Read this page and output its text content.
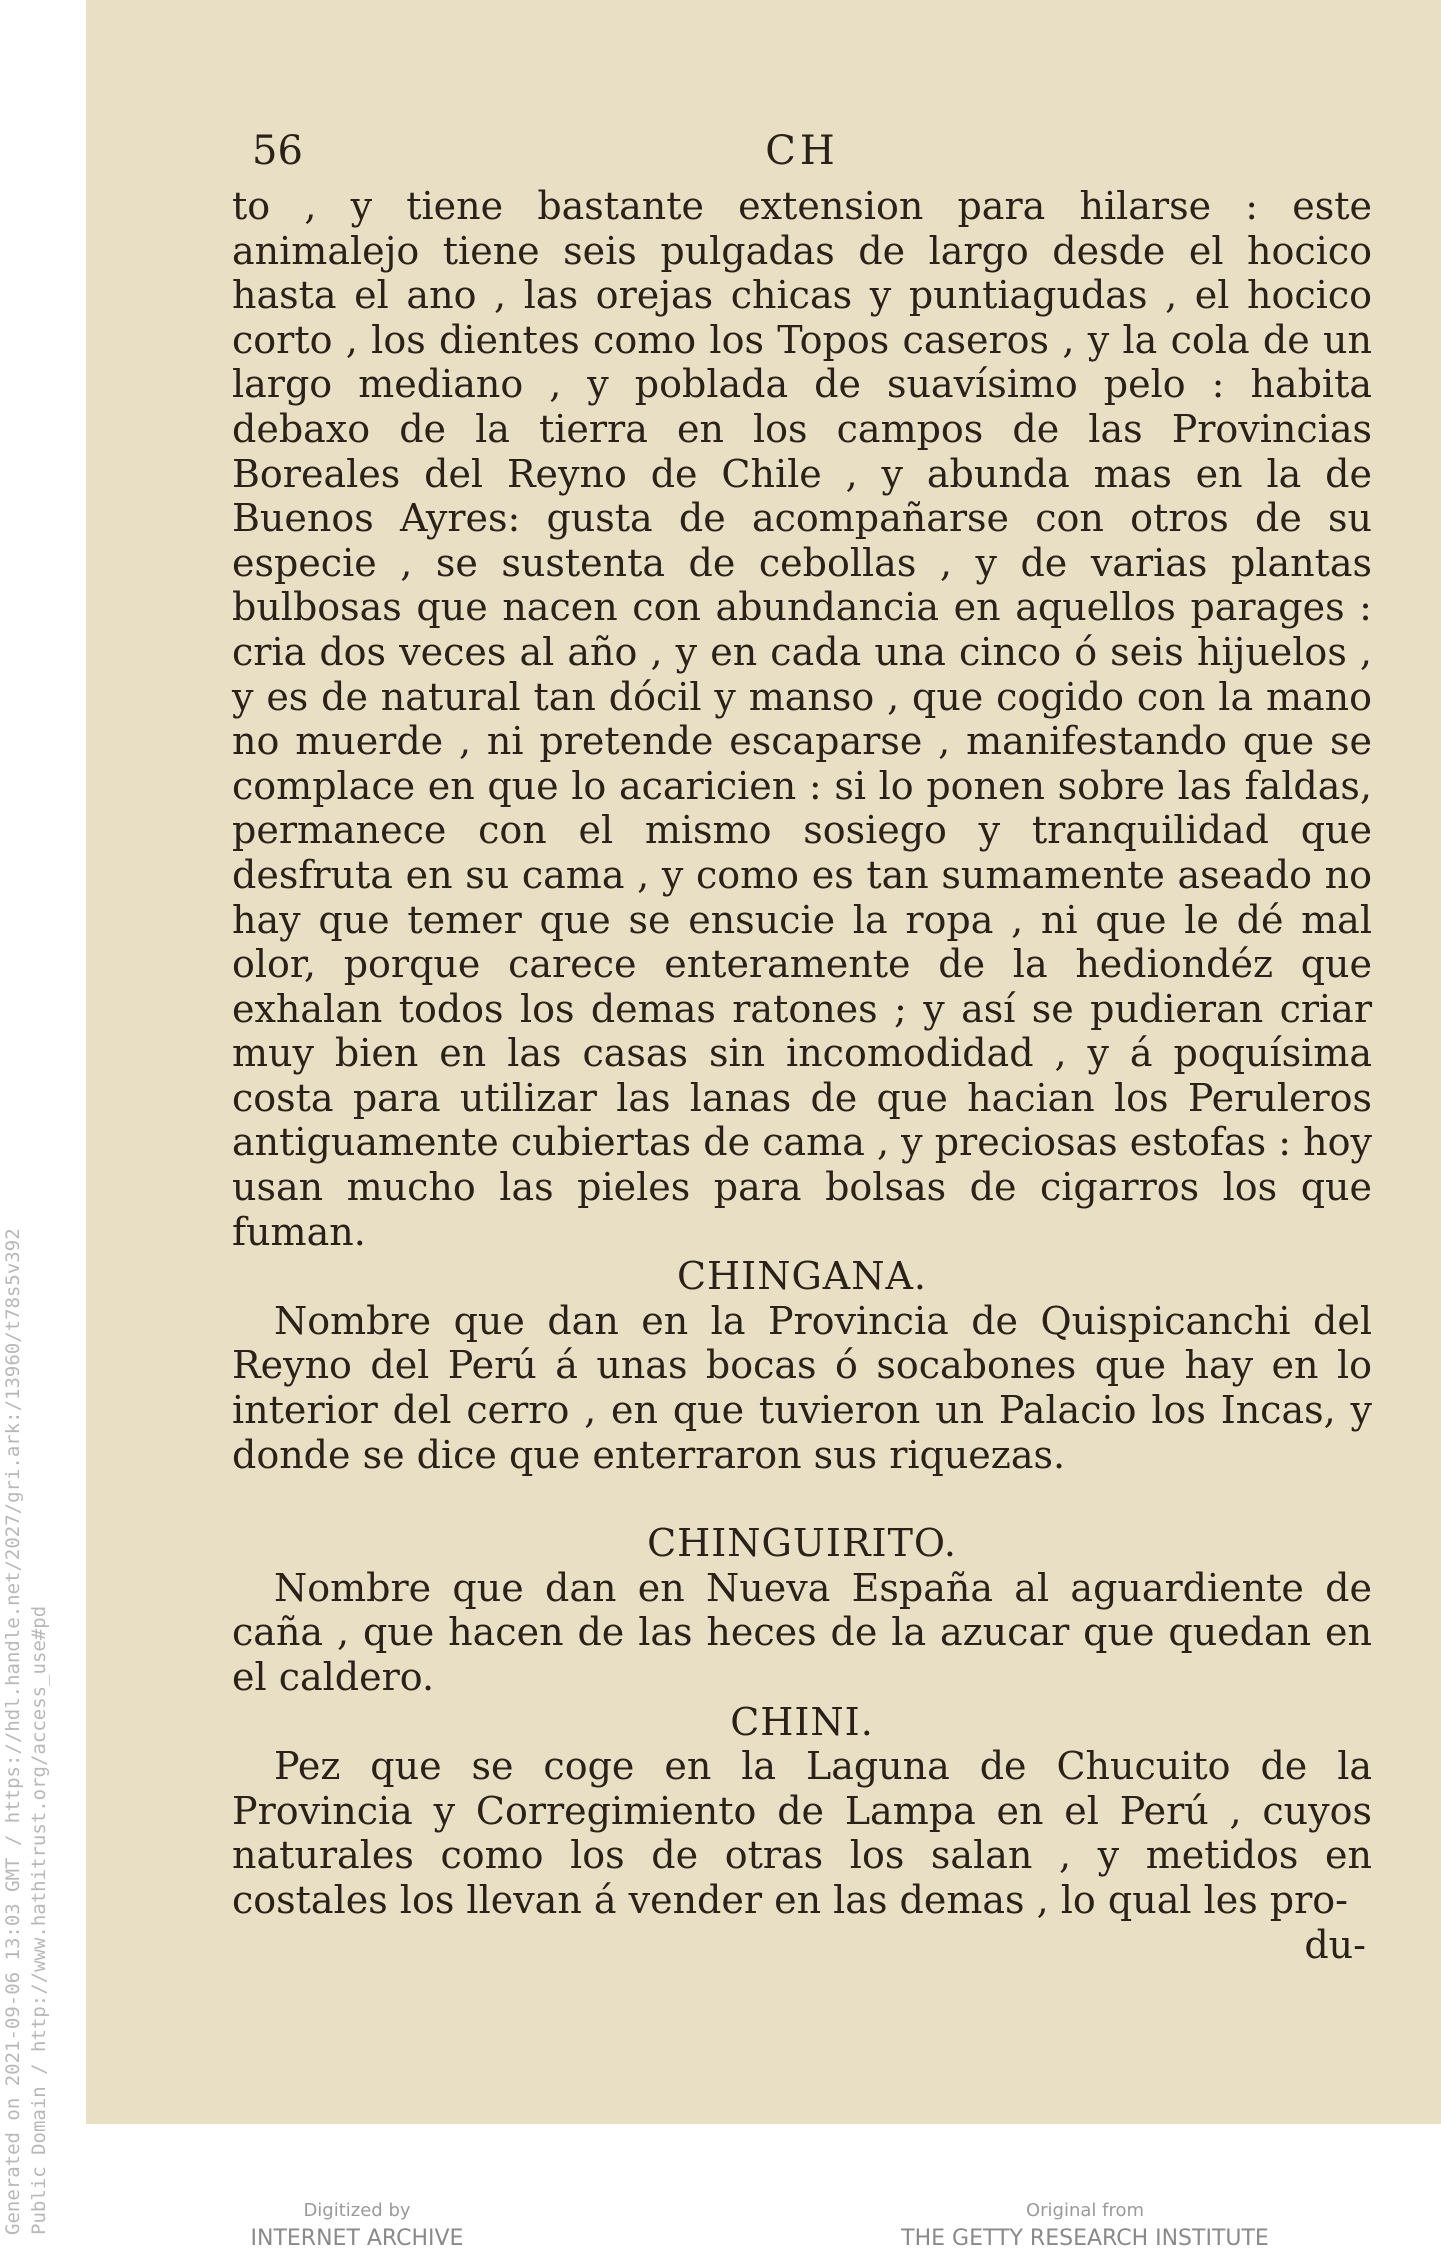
Generated on 2021-09-06 13:03 GMT / https://hdl.handle.net/2027/gri.ark:/13960/t78s5v392 Public Domain / http://www.hathitrust.org/access_use#pd
56	CH

to , y tiene bastante extension para hilarse : este animalejo tiene seis pulgadas de largo desde el hocico hasta el ano , las orejas chicas y puntiagudas , el hocico corto , los dientes como los Topos caseros , y la cola de un largo mediano , y poblada de suavísimo pelo : habita debaxo de la tierra en los campos de las Provincias Boreales del Reyno de Chile , y abunda mas en la de Buenos Ayres: gusta de acompañarse con otros de su especie , se sustenta de cebollas , y de varias plantas bulbosas que nacen con abundancia en aquellos parages : cria dos veces al año , y en cada una cinco ó seis hijuelos , y es de natural tan dócil y manso , que cogido con la mano no muerde , ni pretende escaparse , manifestando que se complace en que lo acaricien : si lo ponen sobre las faldas, permanece con el mismo sosiego y tranquilidad que desfruta en su cama , y como es tan sumamente aseado no hay que temer que se ensucie la ropa , ni que le dé mal olor, porque carece enteramente de la hediondéz que exhalan todos los demas ratones ; y así se pudieran criar muy bien en las casas sin incomodidad , y á poquísima costa para utilizar las lanas de que hacian los Peruleros antiguamente cubiertas de cama , y preciosas estofas : hoy usan mucho las pieles para bolsas de cigarros los que fuman.

CHINGANA.

Nombre que dan en la Provincia de Quispicanchi del Reyno del Perú á unas bocas ó socabones que hay en lo interior del cerro , en que tuvieron un Palacio los Incas, y donde se dice que enterraron sus riquezas.

CHINGUIRITO.

Nombre que dan en Nueva España al aguardiente de caña , que hacen de las heces de la azucar que quedan en el caldero.

CHINI.

Pez que se coge en la Laguna de Chucuito de la Provincia y Corregimiento de Lampa en el Perú , cuyos naturales como los de otras los salan , y metidos en costales los llevan á vender en las demas , lo qual les pro-

du-

Digitized by
INTERNET ARCHIVE
Original from
THE GETTY RESEARCH INSTITUTE
